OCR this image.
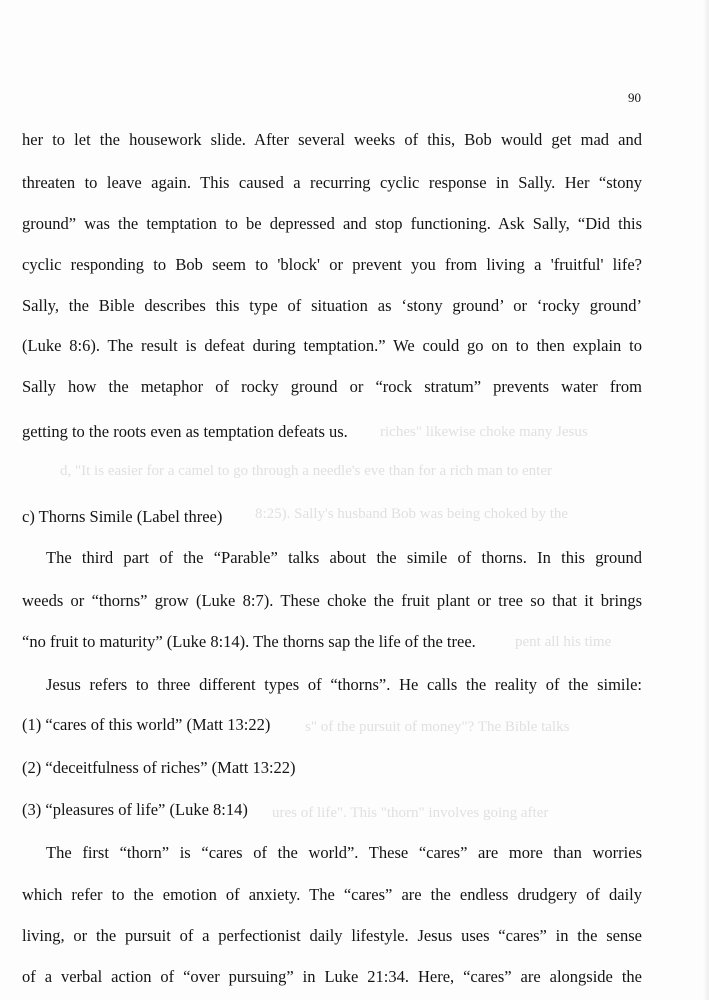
90
her to let the housework slide. After several weeks of this, Bob would get mad and
threaten to leave again. This caused a recurring cyclic response in Sally. Her “stony
ground” was the temptation to be depressed and stop functioning. Ask Sally, “Did this
cyclic responding to Bob seem to 'block' or prevent you from living a 'fruitful' life?
Sally, the Bible describes this type of situation as ‘stony ground’ or ‘rocky ground’
(Luke 8:6). The result is defeat during temptation.” We could go on to then explain to
Sally how the metaphor of rocky ground or “rock stratum” prevents water from
getting to the roots even as temptation defeats us.	riches" likewise choke many Jesus
d, "It is easier for a camel to go through a needle's eve than for a rich man to enter
8:25). Sally's husband Bob was being choked by the
pent all his time
s" of the pursuit of money"? The Bible talks
ures of life". This "thorn" involves going after
c) Thorns Simile (Label three)
The third part of the “Parable” talks about the simile of thorns. In this ground
weeds or “thorns” grow (Luke 8:7). These choke the fruit plant or tree so that it brings
“no fruit to maturity” (Luke 8:14). The thorns sap the life of the tree.
Jesus refers to three different types of “thorns”. He calls the reality of the simile:
(1) “cares of this world” (Matt 13:22)
(2) “deceitfulness of riches” (Matt 13:22)
(3) “pleasures of life” (Luke 8:14)
The first “thorn” is “cares of the world”. These “cares” are more than worries
which refer to the emotion of anxiety. The “cares” are the endless drudgery of daily
living, or the pursuit of a perfectionist daily lifestyle. Jesus uses “cares” in the sense
of a verbal action of “over pursuing” in Luke 21:34. Here, “cares” are alongside the
